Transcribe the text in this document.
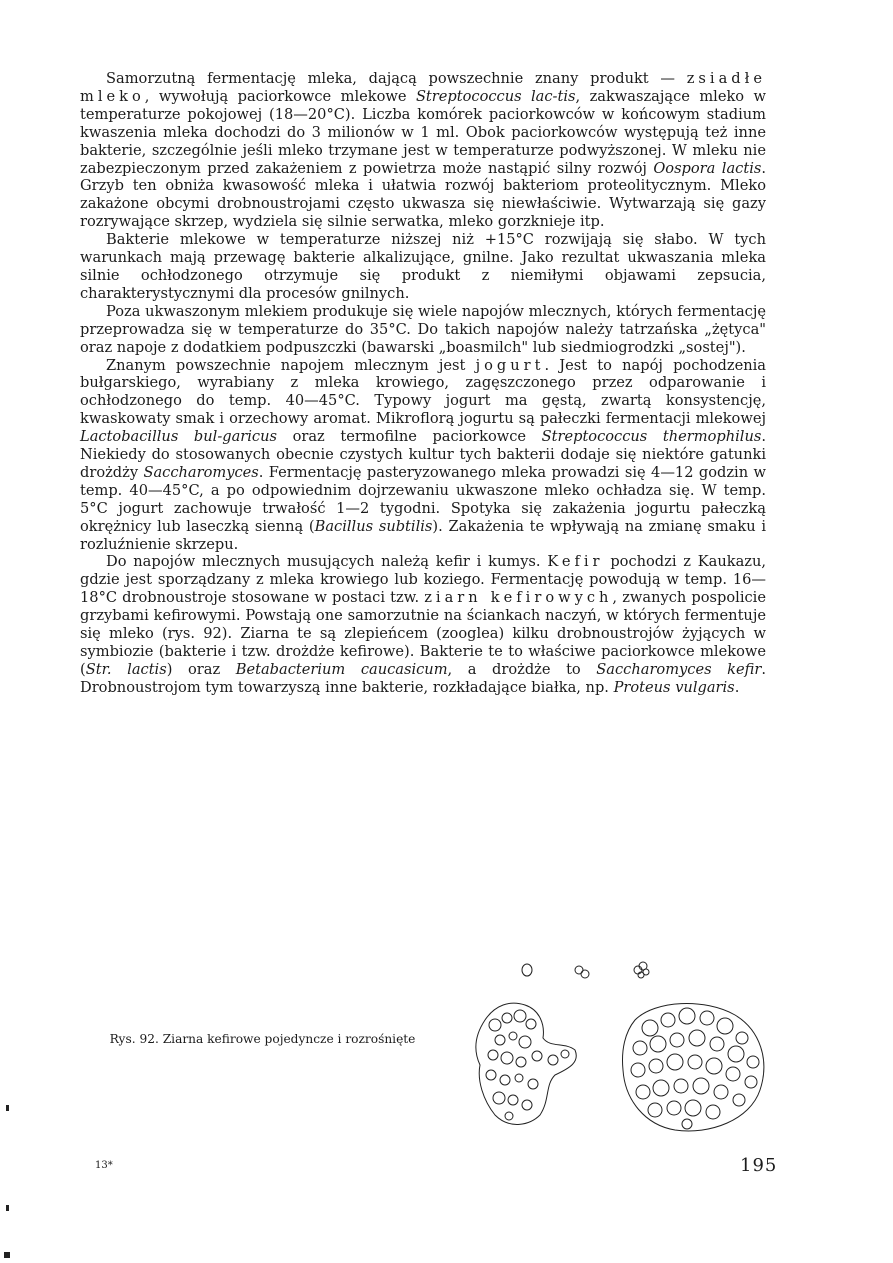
Samorzutną fermentację mleka, dającą powszechnie znany produkt — zsiadłe mleko, wywołują paciorkowce mlekowe Streptococcus lac-tis, zakwaszające mleko w temperaturze pokojowej (18—20°C). Liczba komórek paciorkowców w końcowym stadium kwaszenia mleka dochodzi do 3 milionów w 1 ml. Obok paciorkowców występują też inne bakterie, szczególnie jeśli mleko trzymane jest w temperaturze podwyższonej. W mleku nie zabezpieczonym przed zakażeniem z powietrza może nastąpić silny rozwój Oospora lactis. Grzyb ten obniża kwasowość mleka i ułatwia rozwój bakteriom proteolitycznym. Mleko zakażone obcymi drobnoustrojami często ukwasza się niewłaściwie. Wytwarzają się gazy rozrywające skrzep, wydziela się silnie serwatka, mleko gorzknieje itp.

Bakterie mlekowe w temperaturze niższej niż +15°C rozwijają się słabo. W tych warunkach mają przewagę bakterie alkalizujące, gnilne. Jako rezultat ukwaszania mleka silnie ochłodzonego otrzymuje się produkt z niemiłymi objawami zepsucia, charakterystycznymi dla procesów gnilnych.

Poza ukwaszonym mlekiem produkuje się wiele napojów mlecznych, których fermentację przeprowadza się w temperaturze do 35°C. Do takich napojów należy tatrzańska „żętyca" oraz napoje z dodatkiem podpuszczki (bawarski „boasmilch" lub siedmiogrodzki „sostej").

Znanym powszechnie napojem mlecznym jest jogurt. Jest to napój pochodzenia bułgarskiego, wyrabiany z mleka krowiego, zagęszczonego przez odparowanie i ochłodzonego do temp. 40—45°C. Typowy jogurt ma gęstą, zwartą konsystencję, kwaskowaty smak i orzechowy aromat. Mikroflorą jogurtu są pałeczki fermentacji mlekowej Lactobacillus bul-garicus oraz termofilne paciorkowce Streptococcus thermophilus. Niekiedy do stosowanych obecnie czystych kultur tych bakterii dodaje się niektóre gatunki drożdży Saccharomyces. Fermentację pasteryzowanego mleka prowadzi się 4—12 godzin w temp. 40—45°C, a po odpowiednim dojrzewaniu ukwaszone mleko ochładza się. W temp. 5°C jogurt zachowuje trwałość 1—2 tygodni. Spotyka się zakażenia jogurtu pałeczką okrężnicy lub laseczką sienną (Bacillus subtilis). Zakażenia te wpływają na zmianę smaku i rozluźnienie skrzepu.

Do napojów mlecznych musujących należą kefir i kumys. Kefir pochodzi z Kaukazu, gdzie jest sporządzany z mleka krowiego lub koziego. Fermentację powodują w temp. 16—18°C drobnoustroje stosowane w postaci tzw. ziarn kefirowych, zwanych pospolicie grzybami kefirowymi. Powstają one samorzutnie na ściankach naczyń, w których fermentuje się mleko (rys. 92). Ziarna te są zlepieńcem (zooglea) kilku drobnoustrojów żyjących w symbiozie (bakterie i tzw. drożdże kefirowe). Bakterie te to właściwe paciorkowce mlekowe (Str. lactis) oraz Betabacterium caucasicum, a drożdże to Saccharomyces kefir. Drobnoustrojom tym towarzyszą inne bakterie, rozkładające białka, np. Proteus vulgaris.

Rys. 92. Ziarna kefirowe pojedyncze i rozrośnięte
13*	195
